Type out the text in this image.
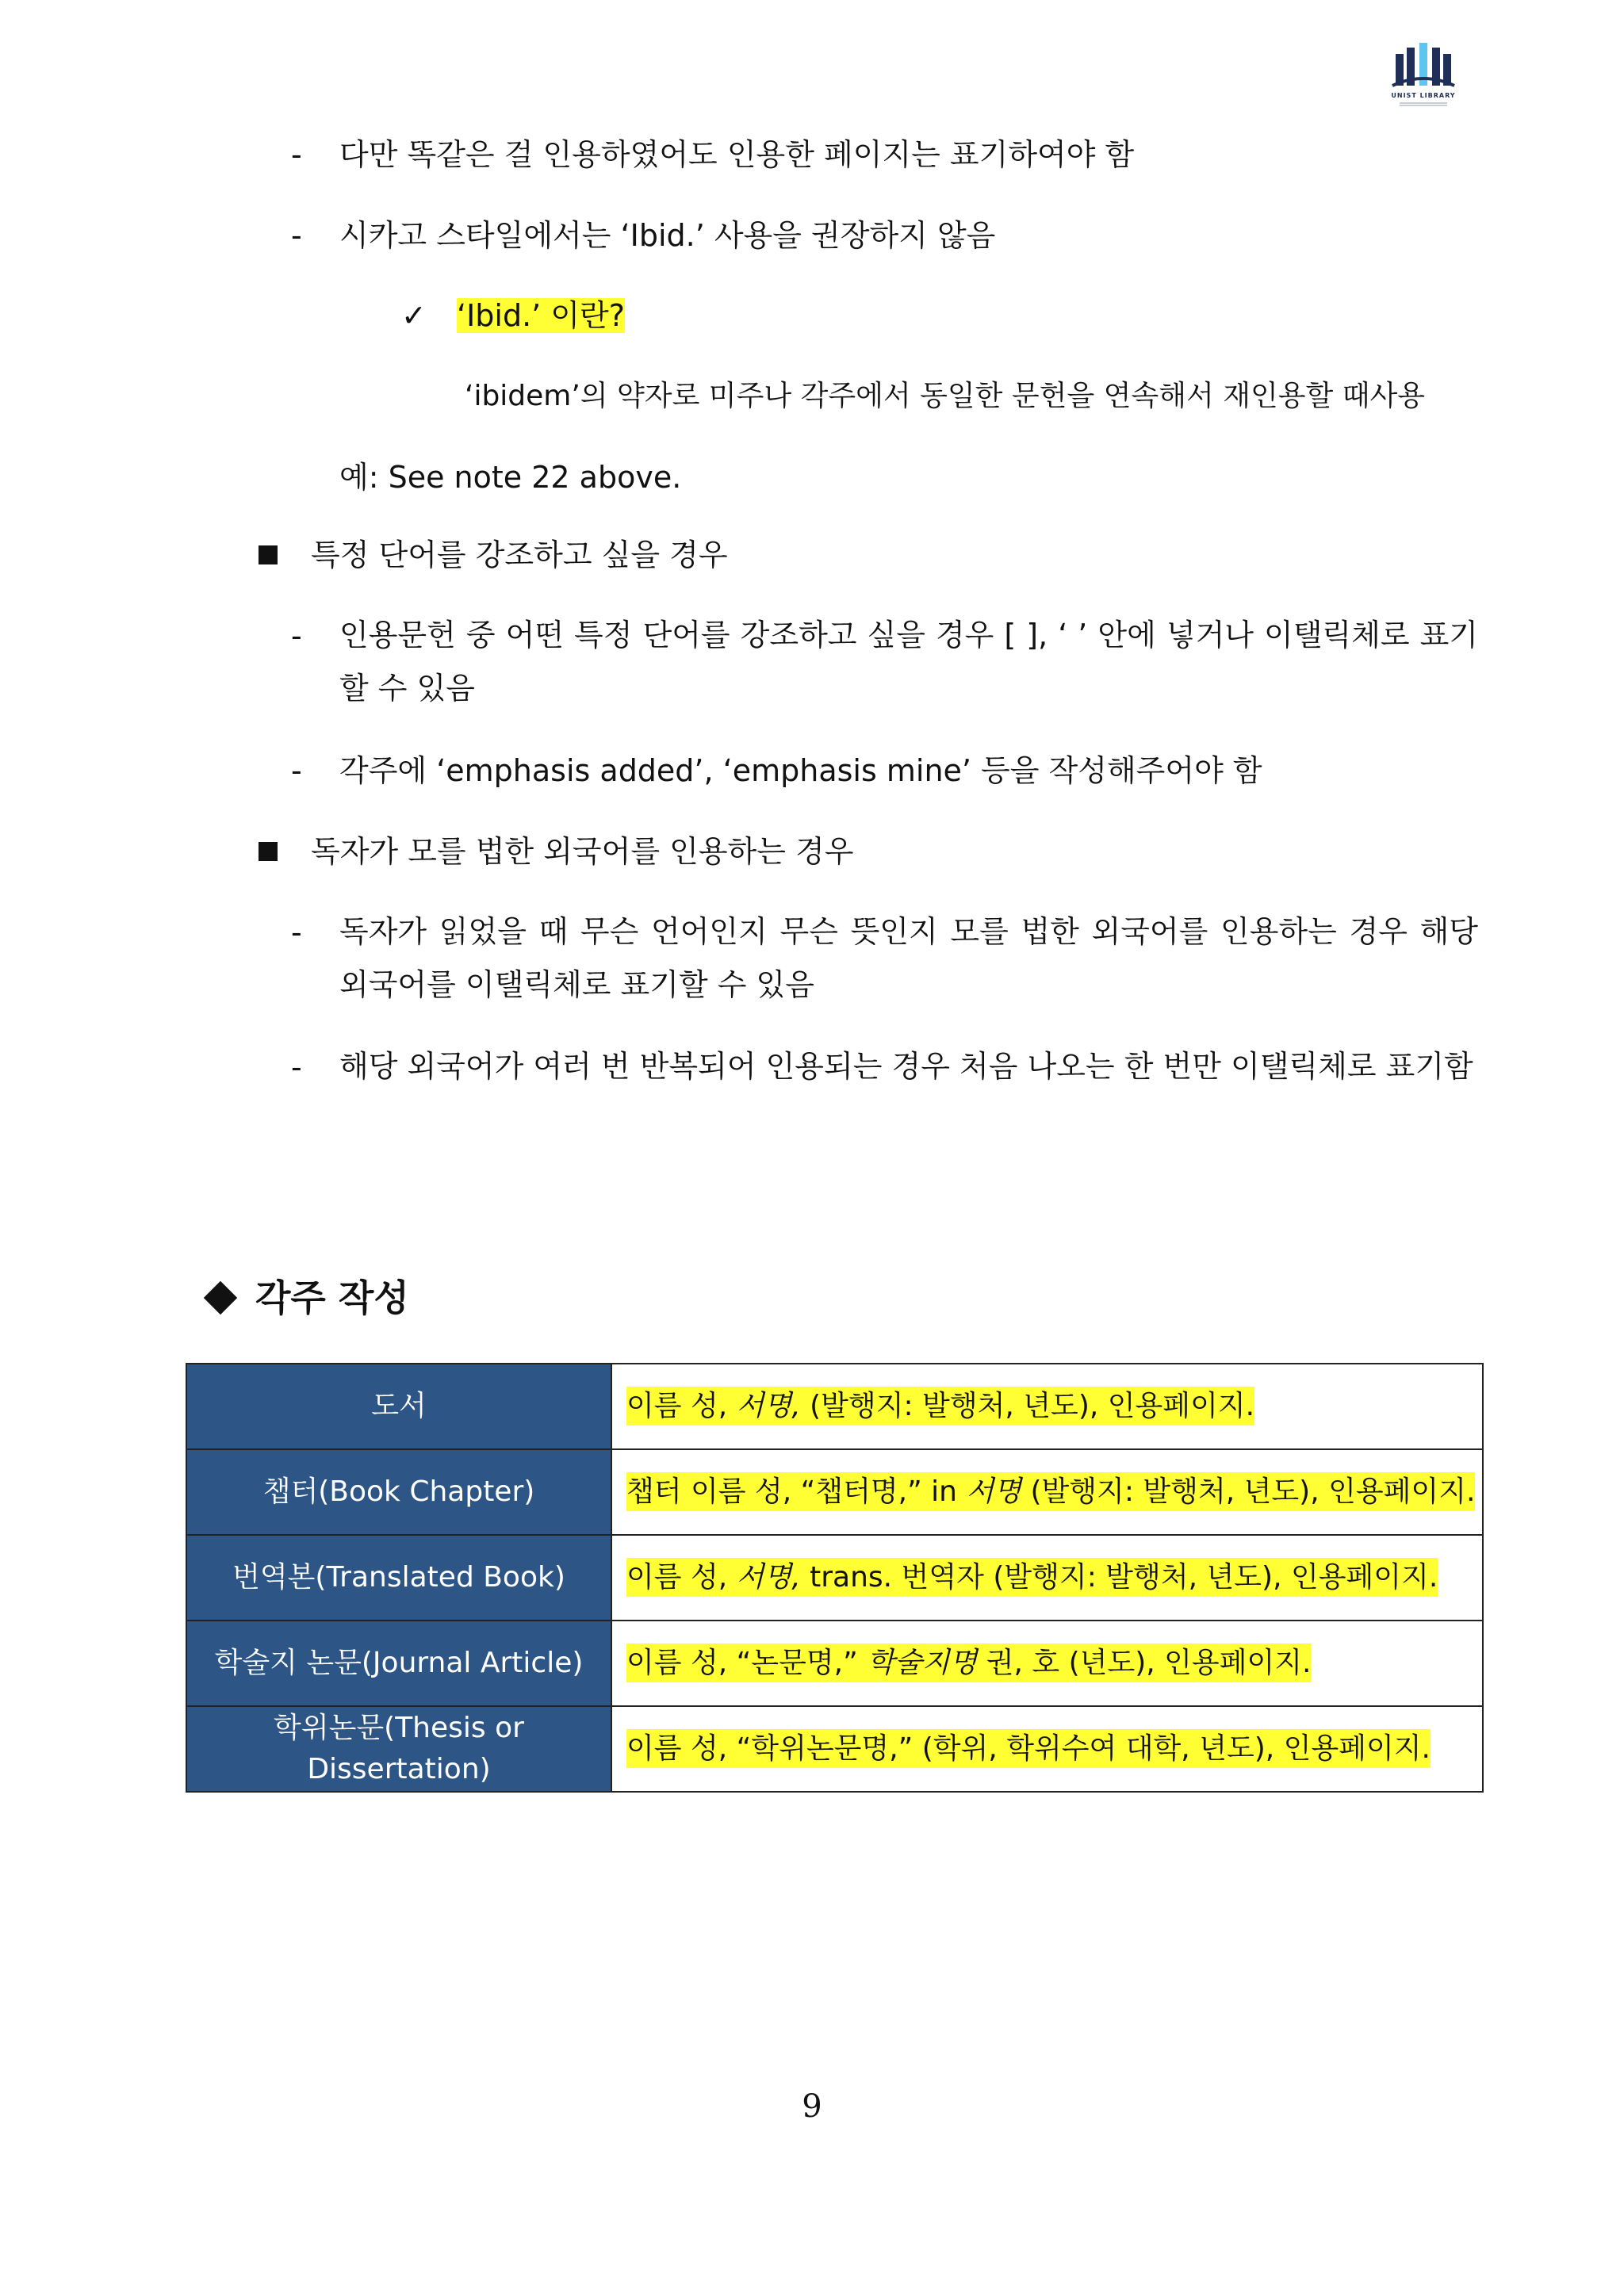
UNIST LIBRARY
- 다만 똑같은 걸 인용하였어도 인용한 페이지는 표기하여야 함
- 시카고 스타일에서는 ‘Ibid.’ 사용을 권장하지 않음
✓ ‘Ibid.’ 이란?
‘ibidem’의 약자로 미주나 각주에서 동일한 문헌을 연속해서 재인용할 때사용
예: See note 22 above.
특정 단어를 강조하고 싶을 경우
- 인용문헌 중 어떤 특정 단어를 강조하고 싶을 경우 [ ], ‘ ’ 안에 넣거나 이탤릭체로 표기할 수 있음
- 각주에 ‘emphasis added’, ‘emphasis mine’ 등을 작성해주어야 함
독자가 모를 법한 외국어를 인용하는 경우
- 독자가 읽었을 때 무슨 언어인지 무슨 뜻인지 모를 법한 외국어를 인용하는 경우 해당 외국어를 이탤릭체로 표기할 수 있음
- 해당 외국어가 여러 번 반복되어 인용되는 경우 처음 나오는 한 번만 이탤릭체로 표기함
각주 작성
도서	이름 성, 서명, (발행지: 발행처, 년도), 인용페이지.
챕터(Book Chapter)	챕터 이름 성, “챕터명,” in 서명 (발행지: 발행처, 년도), 인용페이지.
번역본(Translated Book)	이름 성, 서명, trans. 번역자 (발행지: 발행처, 년도), 인용페이지.
학술지 논문(Journal Article)	이름 성, “논문명,” 학술지명 권, 호 (년도), 인용페이지.
학위논문(Thesis or Dissertation)	이름 성, “학위논문명,” (학위, 학위수여 대학, 년도), 인용페이지.
9
